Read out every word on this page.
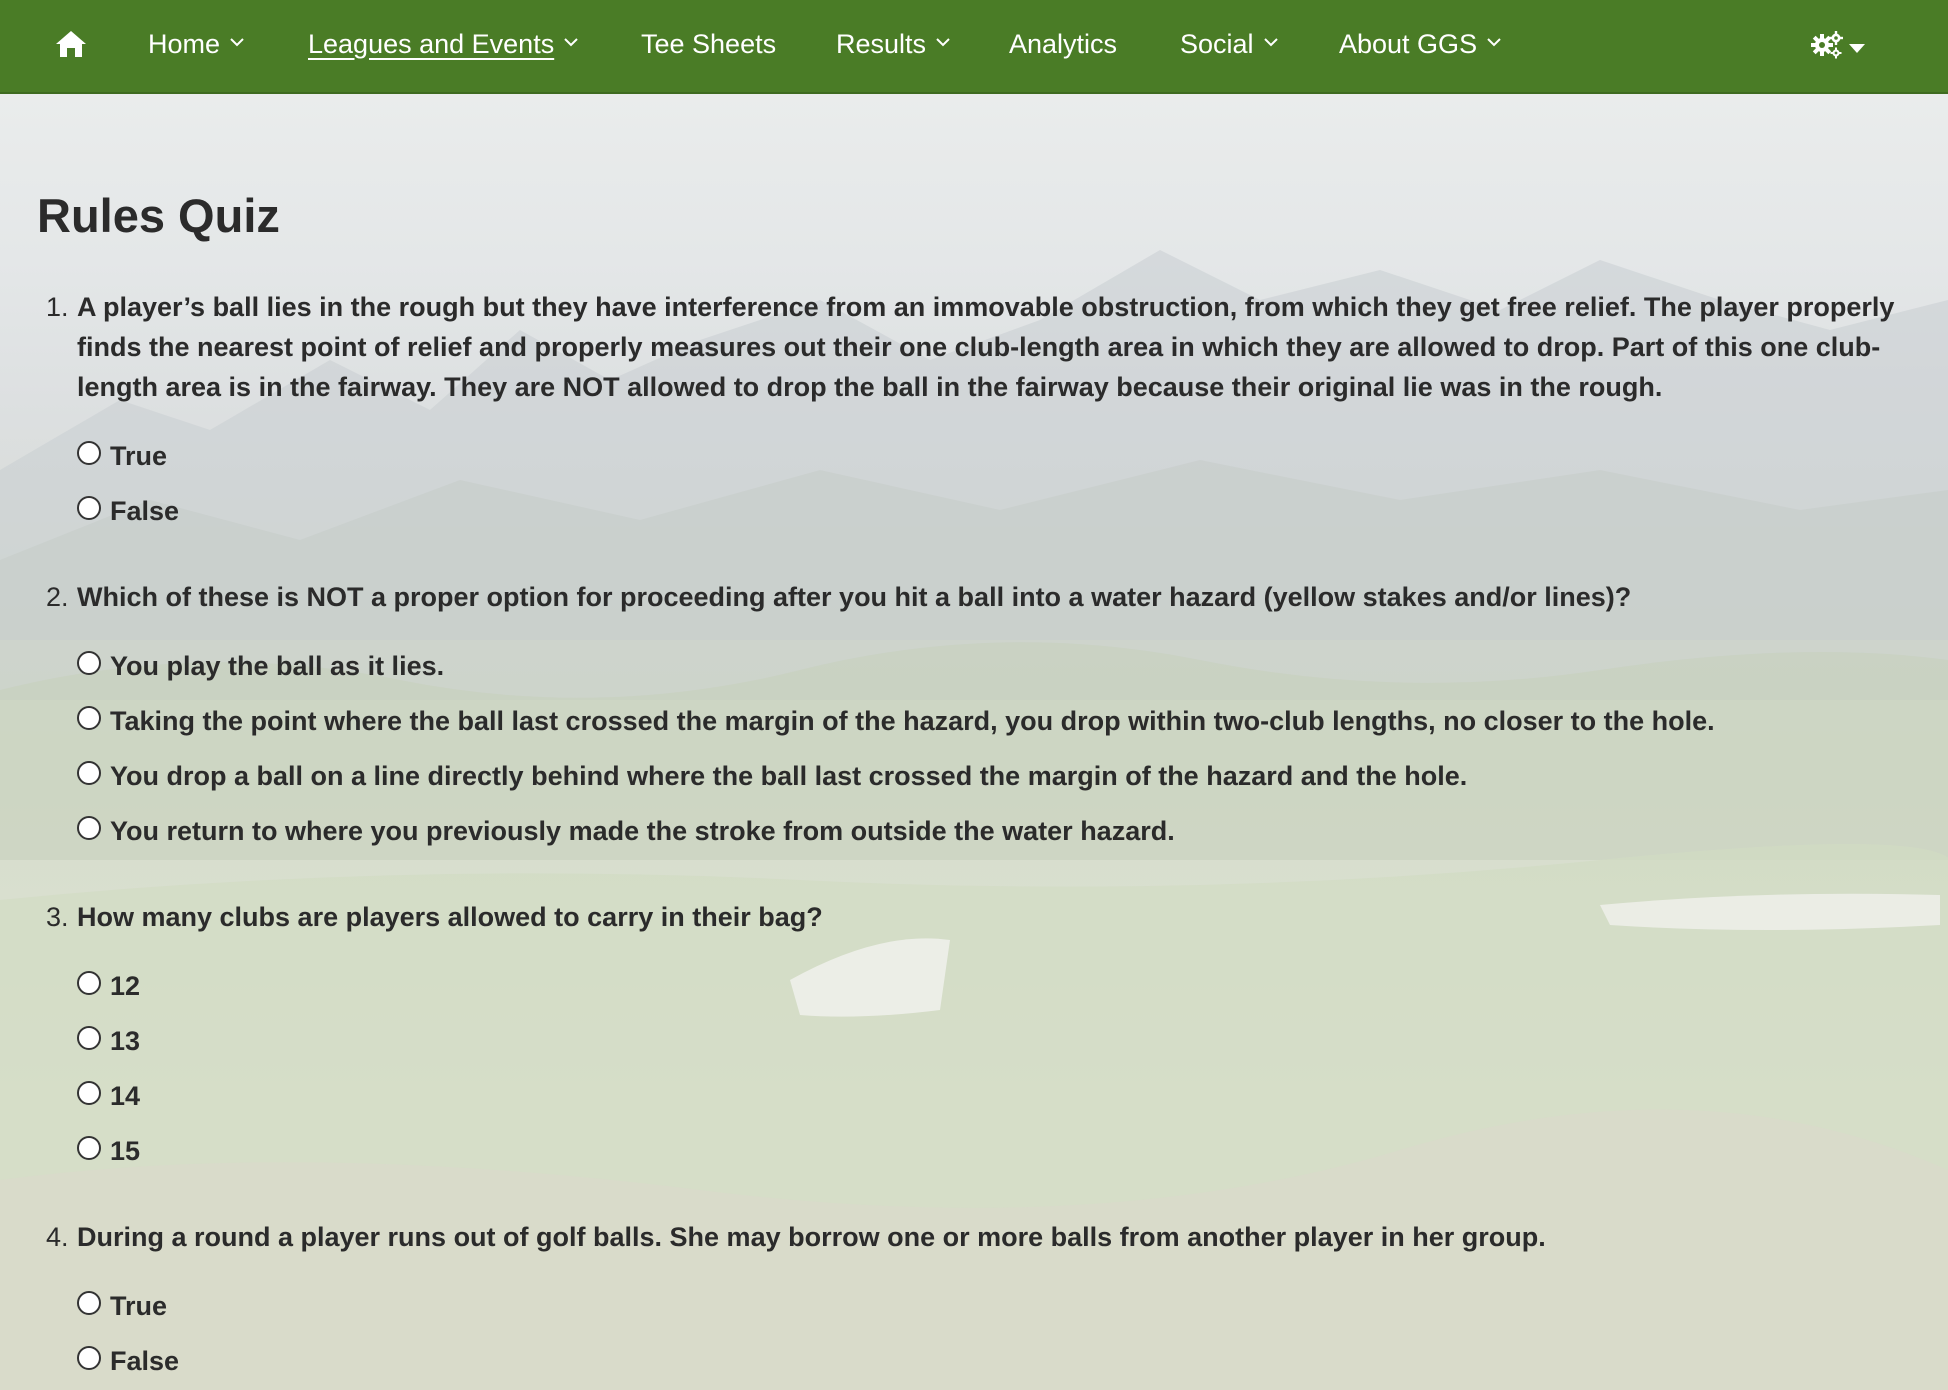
Home	Leagues and Events	Tee Sheets Results	Analytics Social	About GGS
Rules Quiz
1. A player’s ball lies in the rough but they have interference from an immovable obstruction, from which they get free relief. The player properly finds the nearest point of relief and properly measures out their one club-length area in which they are allowed to drop. Part of this one club-length area is in the fairway. They are NOT allowed to drop the ball in the fairway because their original lie was in the rough.
True
False
2. Which of these is NOT a proper option for proceeding after you hit a ball into a water hazard (yellow stakes and/or lines)?
You play the ball as it lies.
Taking the point where the ball last crossed the margin of the hazard, you drop within two-club lengths, no closer to the hole.
You drop a ball on a line directly behind where the ball last crossed the margin of the hazard and the hole.
You return to where you previously made the stroke from outside the water hazard.
3. How many clubs are players allowed to carry in their bag?
12
13
14
15
4. During a round a player runs out of golf balls. She may borrow one or more balls from another player in her group.
True
False
